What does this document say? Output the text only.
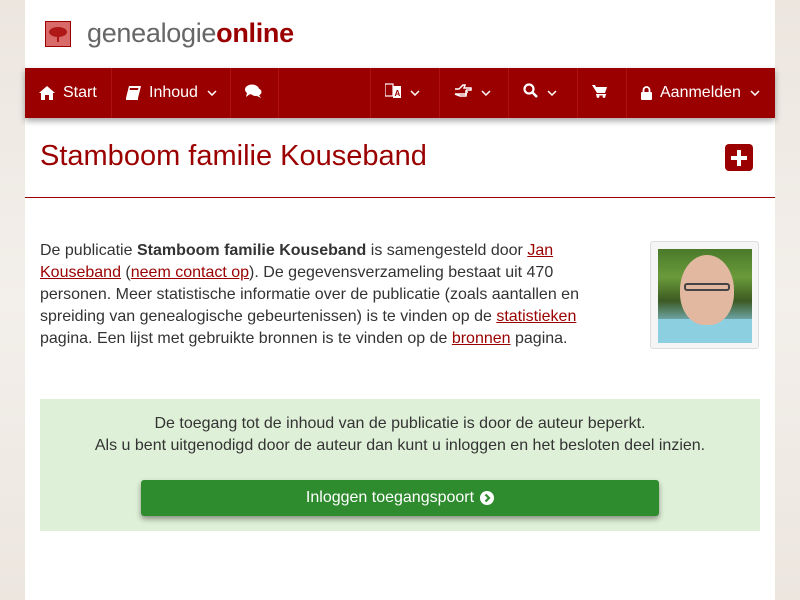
genealogieonline
Start	Inhoud	A	Aanmelden
Stamboom familie Kouseband
De publicatie Stamboom familie Kouseband is samengesteld door Jan Kouseband (neem contact op). De gegevensverzameling bestaat uit 470 personen. Meer statistische informatie over de publicatie (zoals aantallen en spreiding van genealogische gebeurtenissen) is te vinden op de statistieken pagina. Een lijst met gebruikte bronnen is te vinden op de bronnen pagina.

De toegang tot de inhoud van de publicatie is door de auteur beperkt.

Als u bent uitgenodigd door de auteur dan kunt u inloggen en het besloten deel inzien.

Inloggen toegangspoort
